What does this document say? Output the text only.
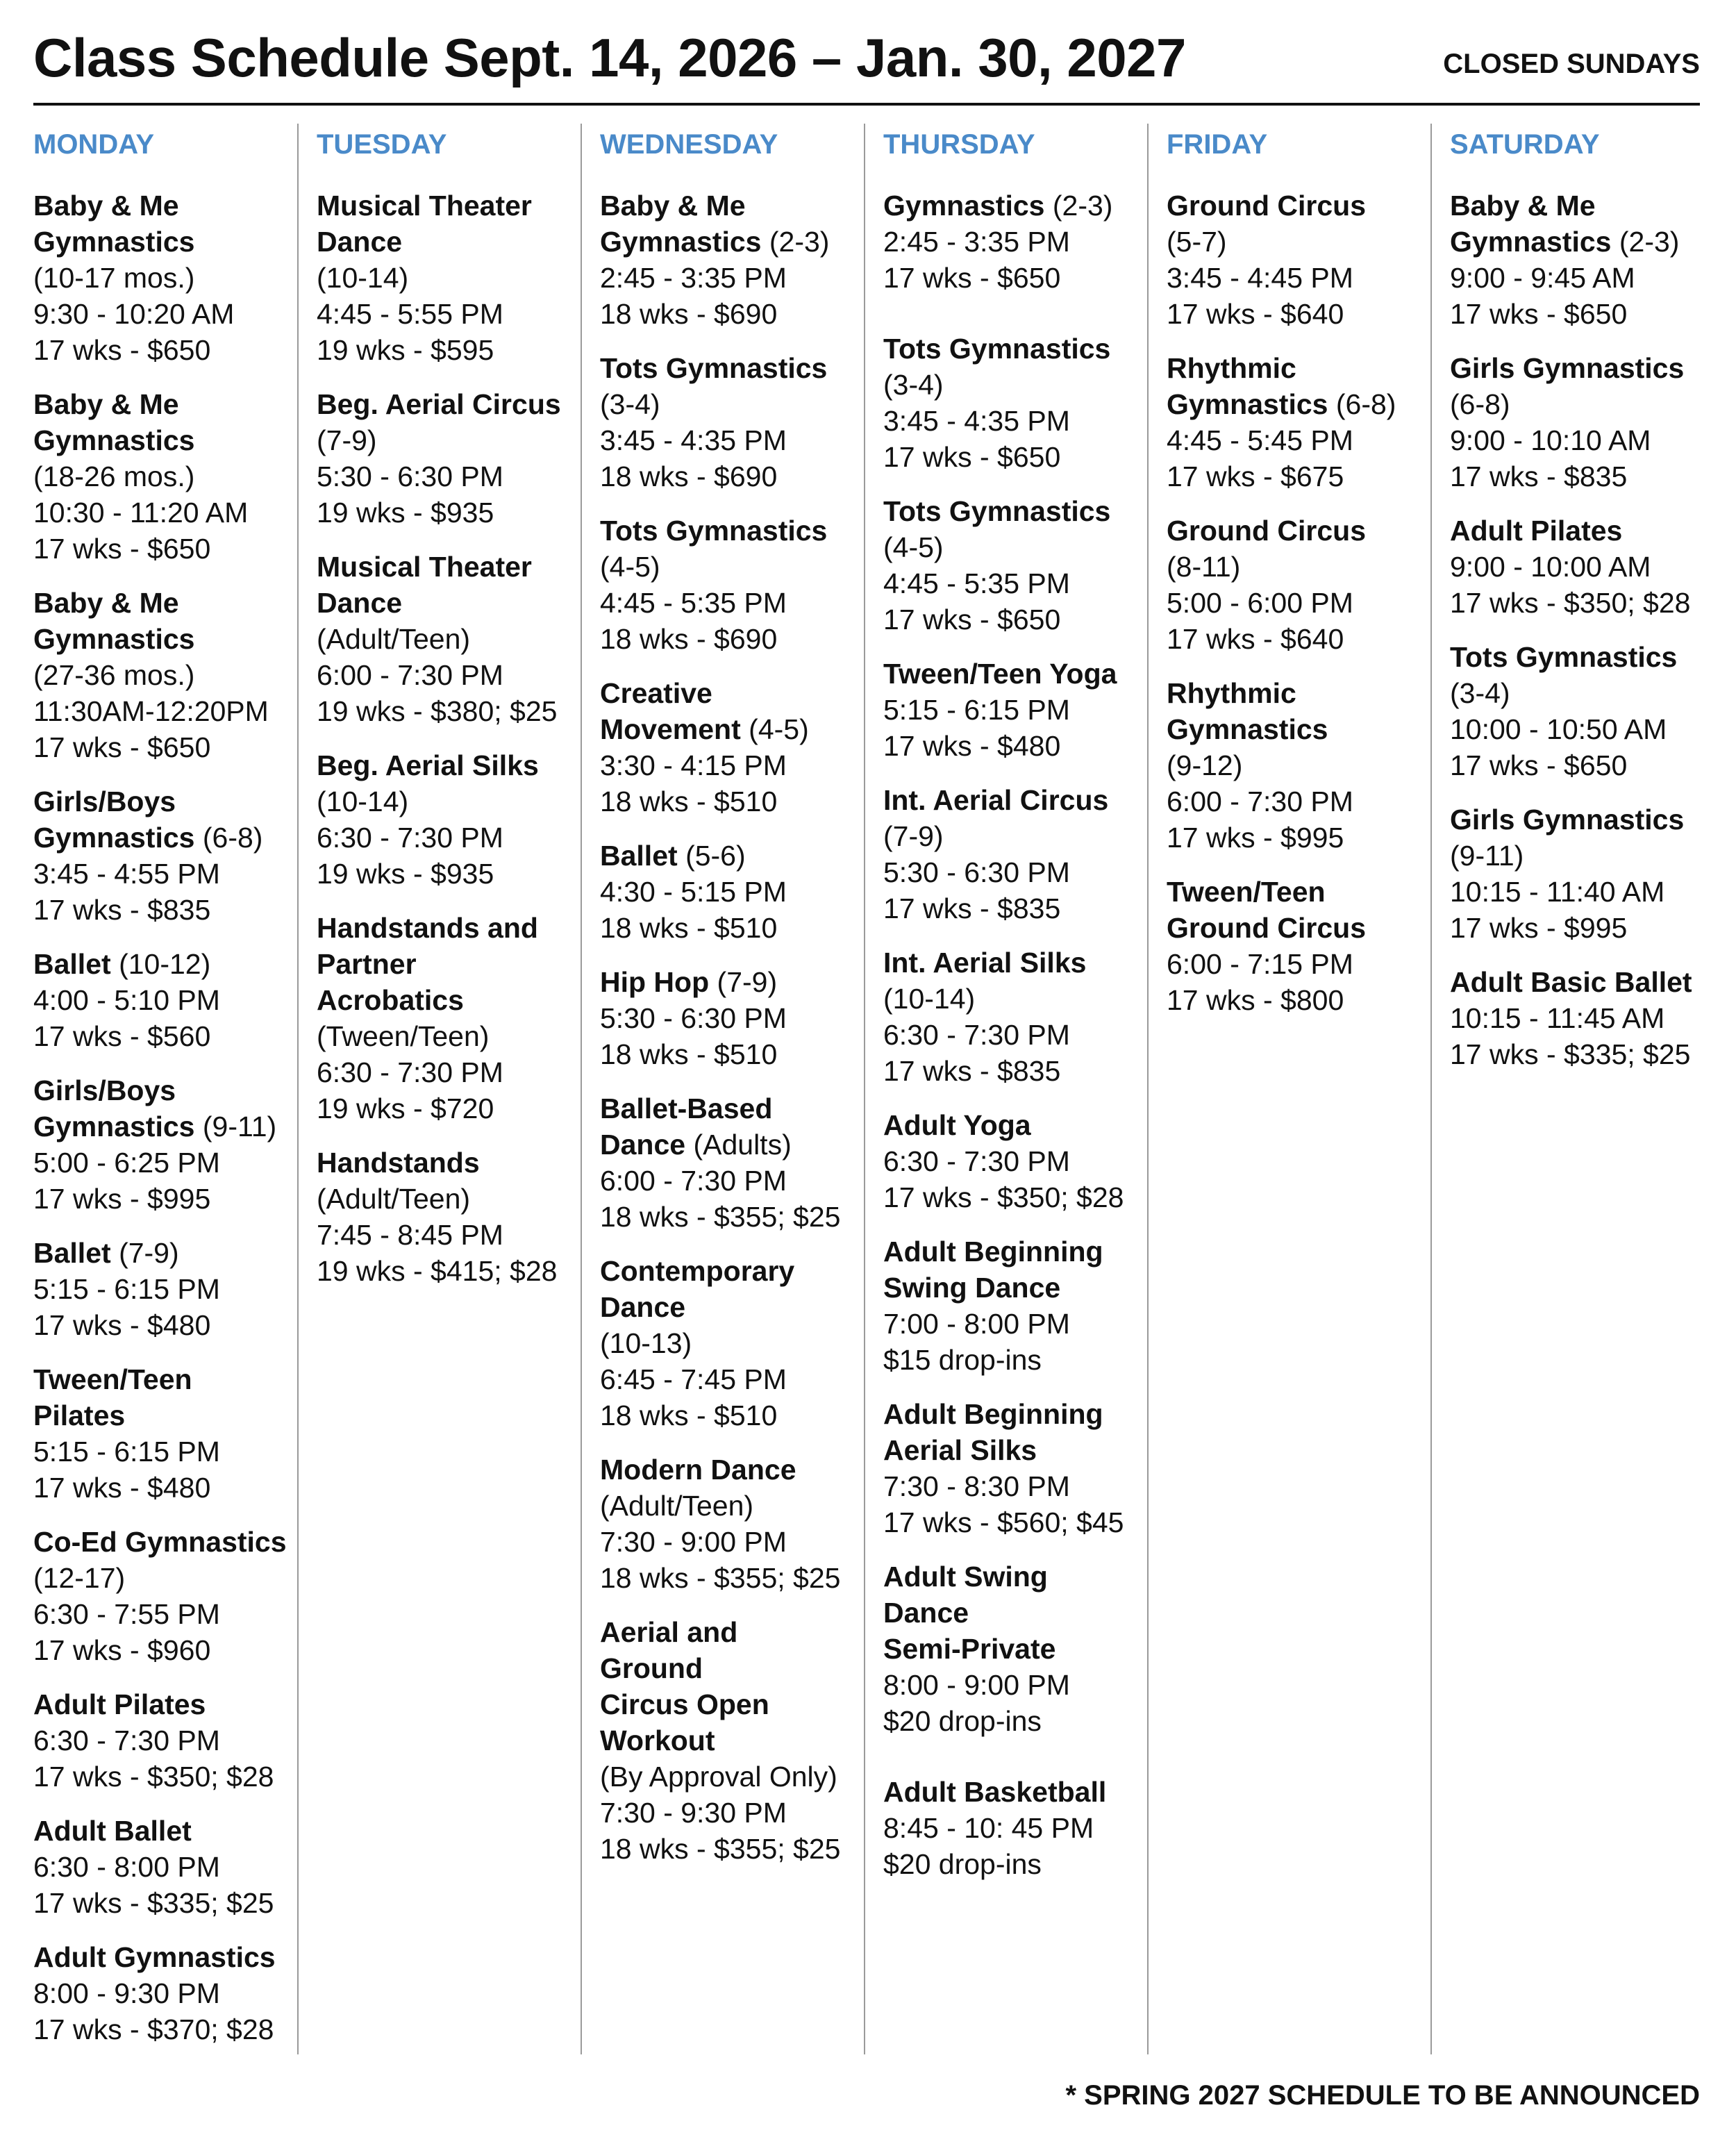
Class Schedule Sept. 14, 2026 – Jan. 30, 2027	CLOSED SUNDAYS
MONDAY
Baby & Me
Gymnastics
(10-17 mos.)
9:30 - 10:20 AM
17 wks - $650
Baby & Me
Gymnastics
(18-26 mos.)
10:30 - 11:20 AM
17 wks - $650
Baby & Me
Gymnastics
(27-36 mos.)
11:30AM-12:20PM
17 wks - $650
Girls/Boys
Gymnastics (6-8)
3:45 - 4:55 PM
17 wks - $835
Ballet (10-12)
4:00 - 5:10 PM
17 wks - $560
Girls/Boys
Gymnastics (9-11)
5:00 - 6:25 PM
17 wks - $995
Ballet (7-9)
5:15 - 6:15 PM
17 wks - $480
Tween/Teen
Pilates
5:15 - 6:15 PM
17 wks - $480
Co-Ed Gymnastics
(12-17)
6:30 - 7:55 PM
17 wks - $960
Adult Pilates
6:30 - 7:30 PM
17 wks - $350; $28
Adult Ballet
6:30 - 8:00 PM
17 wks - $335; $25
Adult Gymnastics
8:00 - 9:30 PM
17 wks - $370; $28
TUESDAY
Musical Theater
Dance
(10-14)
4:45 - 5:55 PM
19 wks - $595
Beg. Aerial Circus
(7-9)
5:30 - 6:30 PM
19 wks - $935
Musical Theater
Dance
(Adult/Teen)
6:00 - 7:30 PM
19 wks - $380; $25
Beg. Aerial Silks
(10-14)
6:30 - 7:30 PM
19 wks - $935
Handstands and
Partner
Acrobatics
(Tween/Teen)
6:30 - 7:30 PM
19 wks - $720
Handstands
(Adult/Teen)
7:45 - 8:45 PM
19 wks - $415; $28
WEDNESDAY
Baby & Me
Gymnastics (2-3)
2:45 - 3:35 PM
18 wks - $690
Tots Gymnastics
(3-4)
3:45 - 4:35 PM
18 wks - $690
Tots Gymnastics
(4-5)
4:45 - 5:35 PM
18 wks - $690
Creative
Movement (4-5)
3:30 - 4:15 PM
18 wks - $510
Ballet (5-6)
4:30 - 5:15 PM
18 wks - $510
Hip Hop (7-9)
5:30 - 6:30 PM
18 wks - $510
Ballet-Based
Dance (Adults)
6:00 - 7:30 PM
18 wks - $355; $25
Contemporary
Dance
(10-13)
6:45 - 7:45 PM
18 wks - $510
Modern Dance
(Adult/Teen)
7:30 - 9:00 PM
18 wks - $355; $25
Aerial and
Ground
Circus Open
Workout
(By Approval Only)
7:30 - 9:30 PM
18 wks - $355; $25
THURSDAY
Gymnastics (2-3)
2:45 - 3:35 PM
17 wks - $650
Tots Gymnastics
(3-4)
3:45 - 4:35 PM
17 wks - $650
Tots Gymnastics
(4-5)
4:45 - 5:35 PM
17 wks - $650
Tween/Teen Yoga
5:15 - 6:15 PM
17 wks - $480
Int. Aerial Circus
(7-9)
5:30 - 6:30 PM
17 wks - $835
Int. Aerial Silks
(10-14)
6:30 - 7:30 PM
17 wks - $835
Adult Yoga
6:30 - 7:30 PM
17 wks - $350; $28
Adult Beginning
Swing Dance
7:00 - 8:00 PM
$15 drop-ins
Adult Beginning
Aerial Silks
7:30 - 8:30 PM
17 wks - $560; $45
Adult Swing
Dance
Semi-Private
8:00 - 9:00 PM
$20 drop-ins
Adult Basketball
8:45 - 10: 45 PM
$20 drop-ins
FRIDAY
Ground Circus
(5-7)
3:45 - 4:45 PM
17 wks - $640
Rhythmic
Gymnastics (6-8)
4:45 - 5:45 PM
17 wks - $675
Ground Circus
(8-11)
5:00 - 6:00 PM
17 wks - $640
Rhythmic
Gymnastics
(9-12)
6:00 - 7:30 PM
17 wks - $995
Tween/Teen
Ground Circus
6:00 - 7:15 PM
17 wks - $800
SATURDAY
Baby & Me
Gymnastics (2-3)
9:00 - 9:45 AM
17 wks - $650
Girls Gymnastics
(6-8)
9:00 - 10:10 AM
17 wks - $835
Adult Pilates
9:00 - 10:00 AM
17 wks - $350; $28
Tots Gymnastics
(3-4)
10:00 - 10:50 AM
17 wks - $650
Girls Gymnastics
(9-11)
10:15 - 11:40 AM
17 wks - $995
Adult Basic Ballet
10:15 - 11:45 AM
17 wks - $335; $25
* SPRING 2027 SCHEDULE TO BE ANNOUNCED
